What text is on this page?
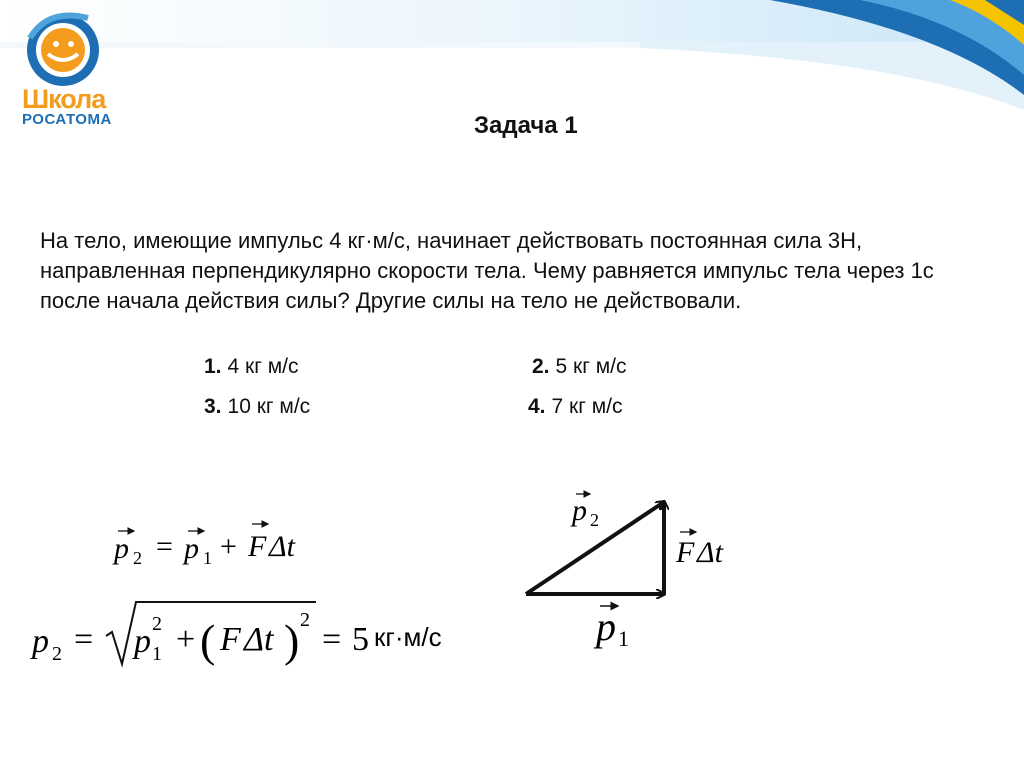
Школа
РОСАТОМА	Задача 1
На тело, имеющие импульс 4 кг·м/с, начинает действовать постоянная сила 3Н, направленная перпендикулярно скорости тела. Чему равняется импульс тела через 1с после начала действия силы? Другие силы на тело не действовали.
1. 4 кг м/с	2. 5 кг м/с
3. 10 кг м/с	4. 7 кг м/с
p 2 = p 1 + F Δt
p 2 = p 1
2 + ( F Δt ) 2
= 5 кг·м/с
p 2
F Δt
p 1
